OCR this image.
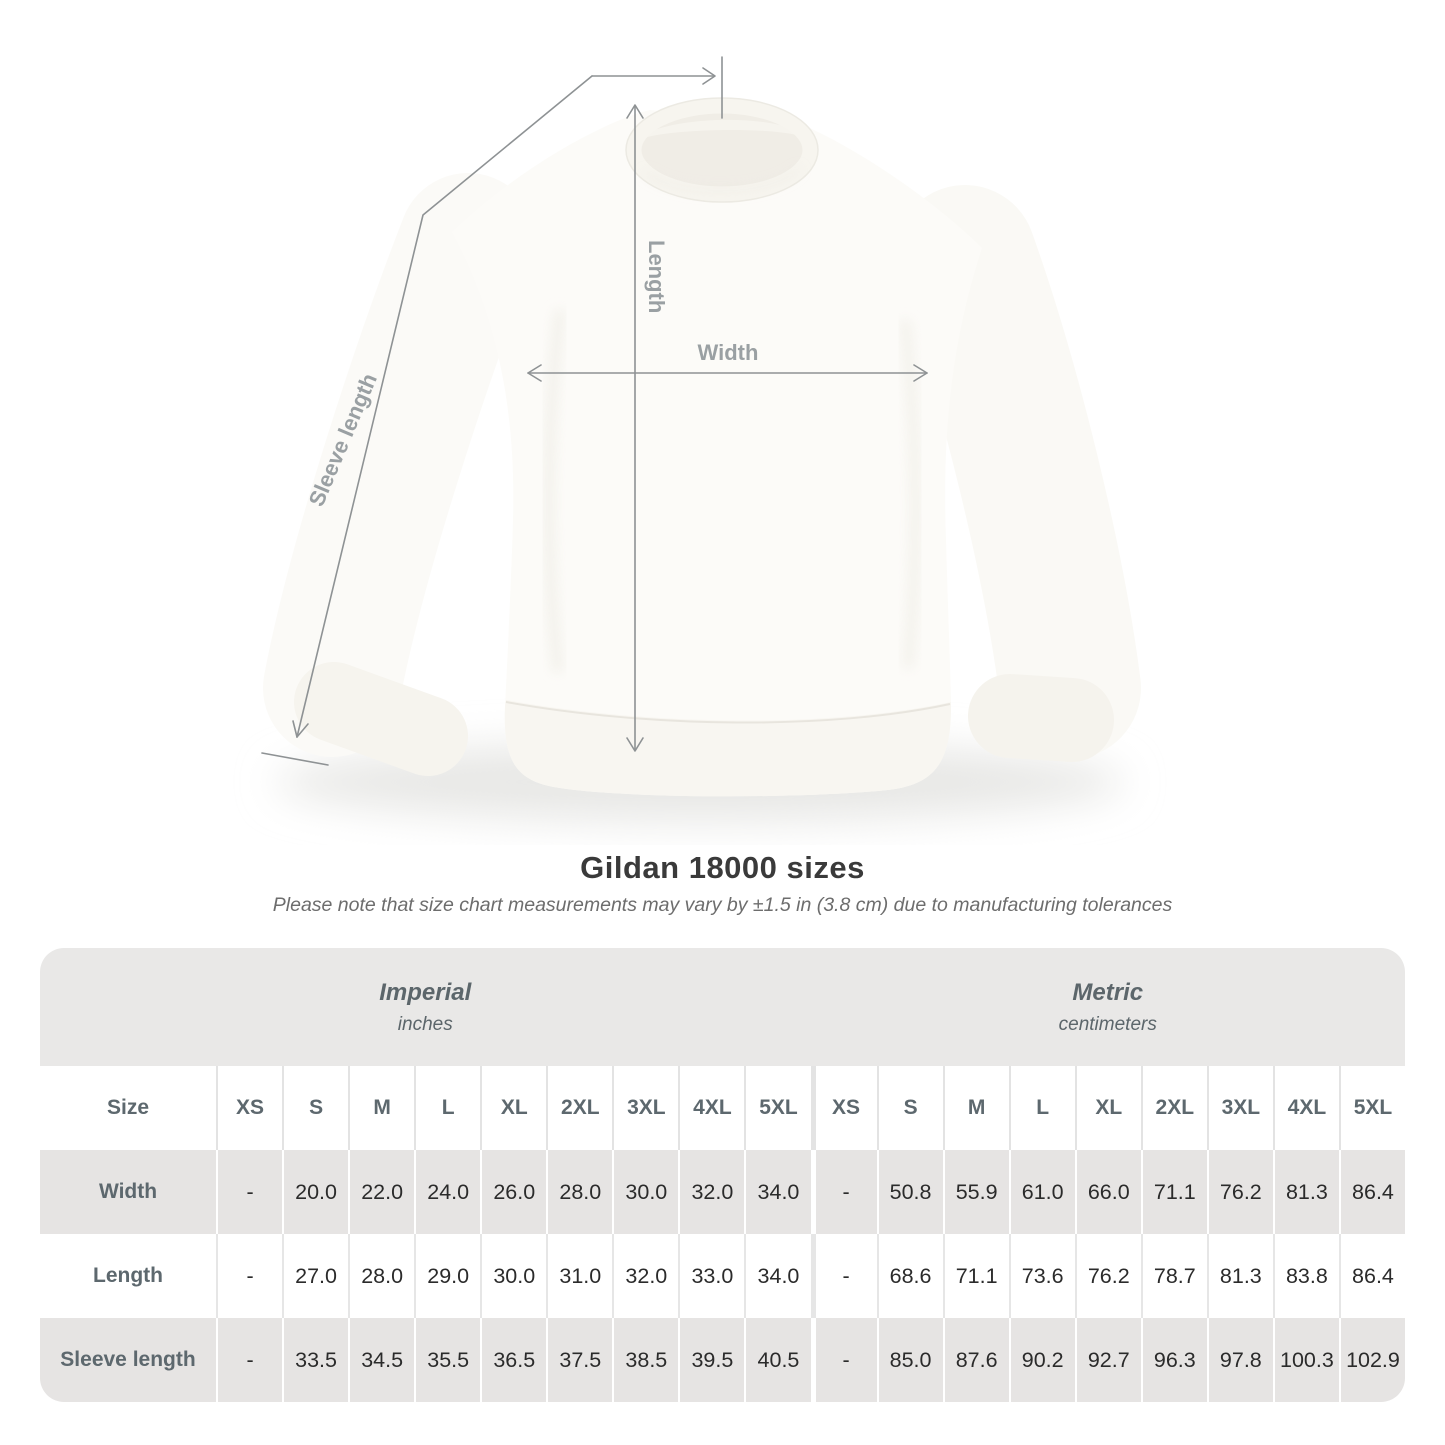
Width
Length
Sleeve length
Gildan 18000 sizes

Please note that size chart measurements may vary by ±1.5 in (3.8 cm) due to manufacturing tolerances

Imperial
inches
Metric
centimeters
Size	XS	S	M	L	XL	2XL	3XL	4XL	5XL	XS	S	M	L	XL	2XL	3XL	4XL	5XL
Width	-	20.0	22.0	24.0	26.0	28.0	30.0	32.0	34.0	-	50.8	55.9	61.0	66.0	71.1	76.2	81.3	86.4
Length	-	27.0	28.0	29.0	30.0	31.0	32.0	33.0	34.0	-	68.6	71.1	73.6	76.2	78.7	81.3	83.8	86.4
Sleeve length	-	33.5	34.5	35.5	36.5	37.5	38.5	39.5	40.5	-	85.0	87.6	90.2	92.7	96.3	97.8 100.3 102.9
